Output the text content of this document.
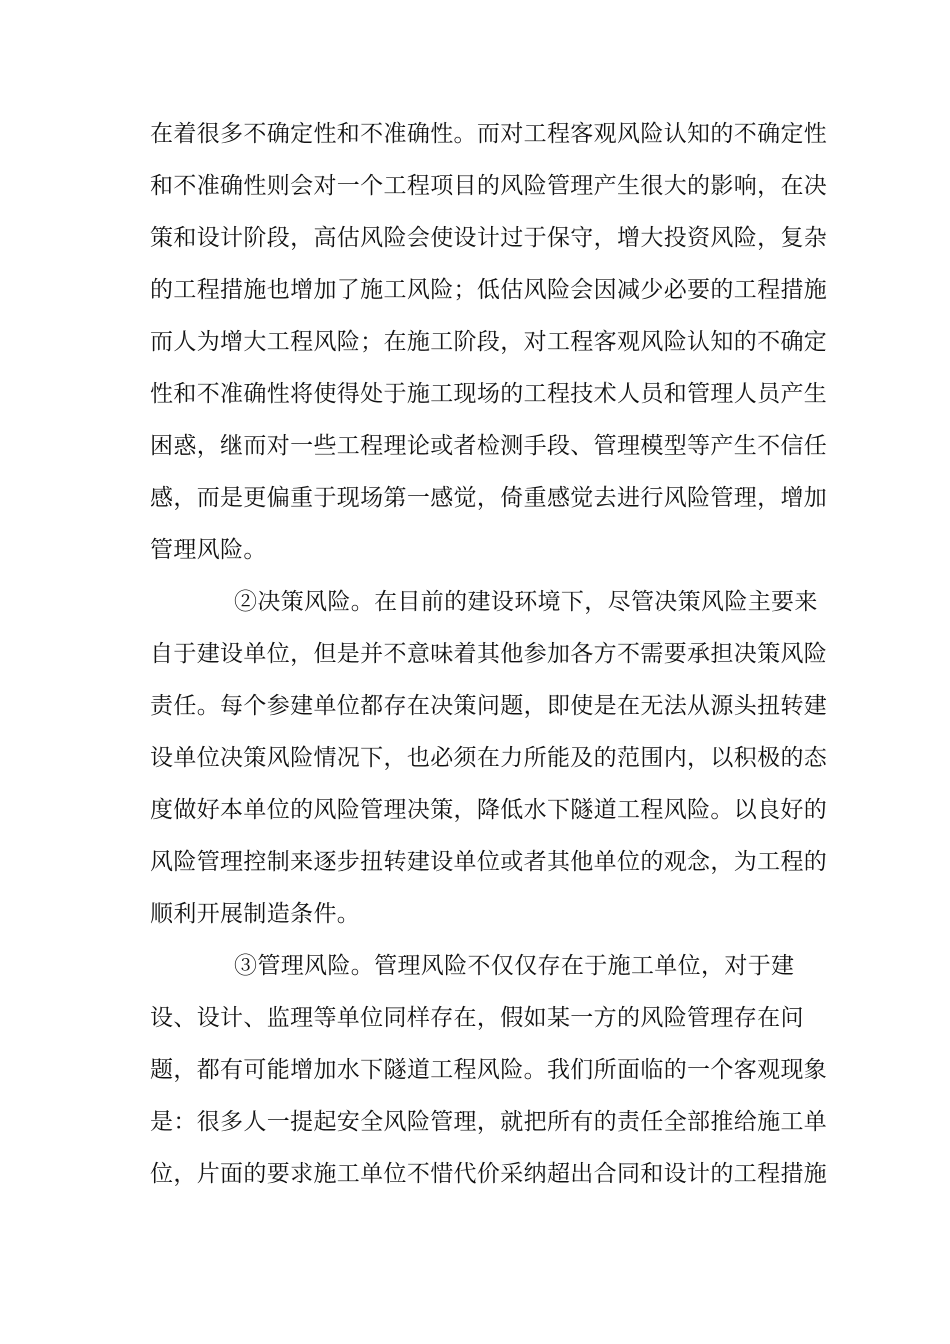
在着很多不确定性和不准确性。而对工程客观风险认知的不确定性
和不准确性则会对一个工程项目的风险管理产生很大的影响，在决
策和设计阶段，高估风险会使设计过于保守，增大投资风险，复杂
的工程措施也增加了施工风险；低估风险会因减少必要的工程措施
而人为增大工程风险；在施工阶段，对工程客观风险认知的不确定
性和不准确性将使得处于施工现场的工程技术人员和管理人员产生
困惑，继而对一些工程理论或者检测手段、管理模型等产生不信任
感，而是更偏重于现场第一感觉，倚重感觉去进行风险管理，增加
管理风险。
②决策风险。在目前的建设环境下，尽管决策风险主要来
自于建设单位，但是并不意味着其他参加各方不需要承担决策风险
责任。每个参建单位都存在决策问题，即使是在无法从源头扭转建
设单位决策风险情况下，也必须在力所能及的范围内，以积极的态
度做好本单位的风险管理决策，降低水下隧道工程风险。以良好的
风险管理控制来逐步扭转建设单位或者其他单位的观念，为工程的
顺利开展制造条件。
③管理风险。管理风险不仅仅存在于施工单位，对于建
设、设计、监理等单位同样存在，假如某一方的风险管理存在问
题，都有可能增加水下隧道工程风险。我们所面临的一个客观现象
是：很多人一提起安全风险管理，就把所有的责任全部推给施工单
位，片面的要求施工单位不惜代价采纳超出合同和设计的工程措施
